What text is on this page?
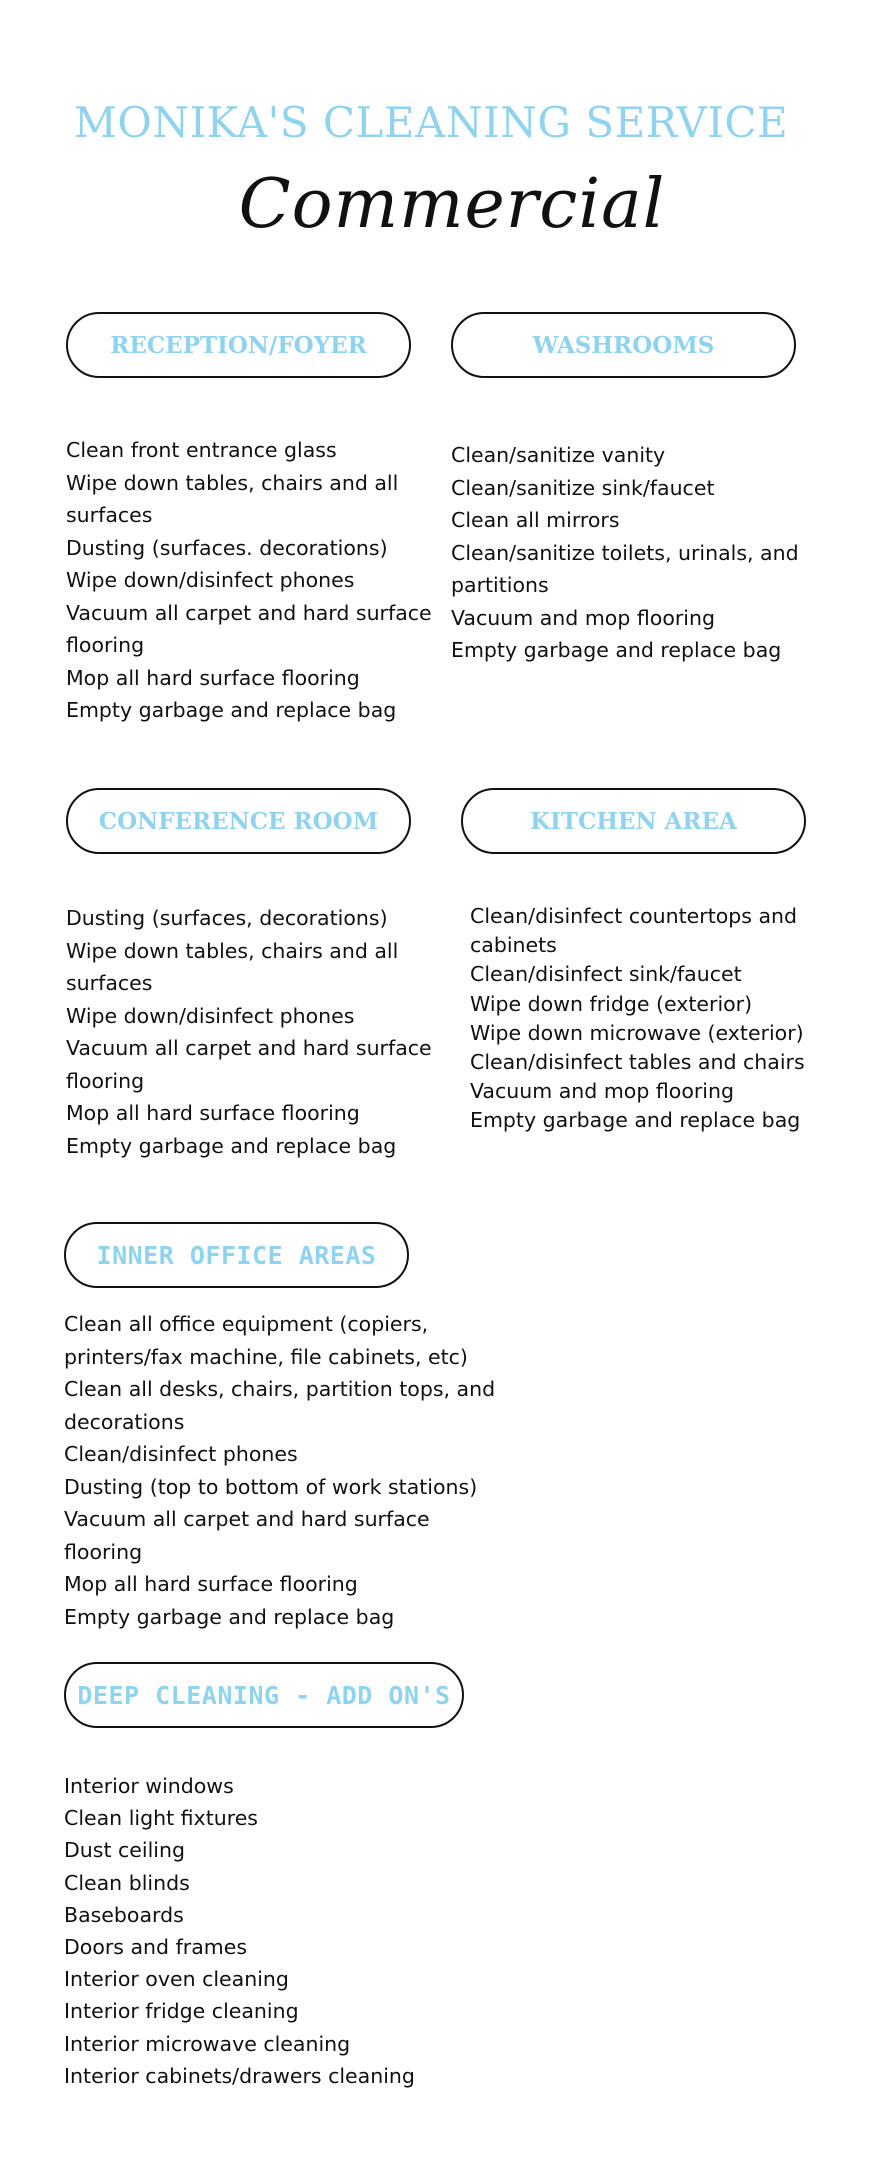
MONIKA'S CLEANING SERVICE
Commercial
RECEPTION/FOYER
Clean front entrance glass
Wipe down tables, chairs and all
surfaces
Dusting (surfaces. decorations)
Wipe down/disinfect phones
Vacuum all carpet and hard surface
flooring
Mop all hard surface flooring
Empty garbage and replace bag
WASHROOMS
Clean/sanitize vanity
Clean/sanitize sink/faucet
Clean all mirrors
Clean/sanitize toilets, urinals, and
partitions
Vacuum and mop flooring
Empty garbage and replace bag
CONFERENCE ROOM
Dusting (surfaces, decorations)
Wipe down tables, chairs and all
surfaces
Wipe down/disinfect phones
Vacuum all carpet and hard surface
flooring
Mop all hard surface flooring
Empty garbage and replace bag
KITCHEN AREA
Clean/disinfect countertops and
cabinets
Clean/disinfect sink/faucet
Wipe down fridge (exterior)
Wipe down microwave (exterior)
Clean/disinfect tables and chairs
Vacuum and mop flooring
Empty garbage and replace bag
INNER OFFICE AREAS
Clean all office equipment (copiers,
printers/fax machine, file cabinets, etc)
Clean all desks, chairs, partition tops, and
decorations
Clean/disinfect phones
Dusting (top to bottom of work stations)
Vacuum all carpet and hard surface
flooring
Mop all hard surface flooring
Empty garbage and replace bag
DEEP CLEANING - ADD ON'S
Interior windows
Clean light fixtures
Dust ceiling
Clean blinds
Baseboards
Doors and frames
Interior oven cleaning
Interior fridge cleaning
Interior microwave cleaning
Interior cabinets/drawers cleaning
